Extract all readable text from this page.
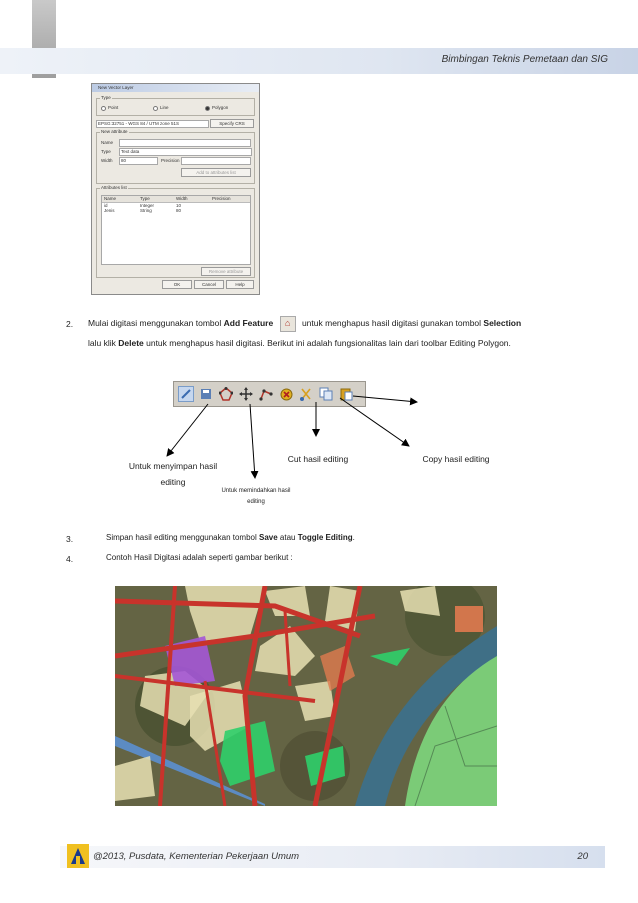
Bimbingan Teknis Pemetaan dan SIG
New Vector Layer
Type
Point	Line	Polygon
EPSG:32751 - WGS 84 / UTM zone 51S	Specify CRS
New attribute
Name
Type	Text data
Width	80	Precision
Add to attributes list
Attributes list
Name	Type	Width	Precision
id	Integer	10
Jenis	String	80
Remove attribute
OK	Cancel	Help
2. Mulai digitasi menggunakan tombol Add Feature ⌂ untuk menghapus hasil digitasi gunakan tombol Selection
lalu klik Delete untuk menghapus hasil digitasi. Berikut ini adalah fungsionalitas lain dari toolbar Editing Polygon.
Untuk menyimpan hasil editing
Untuk memindahkan hasil editing
Cut hasil editing	Copy hasil editing
3.	Simpan hasil editing menggunakan tombol Save atau Toggle Editing.
4.	Contoh Hasil Digitasi adalah seperti gambar berikut :
@2013, Pusdata, Kementerian Pekerjaan Umum	20
